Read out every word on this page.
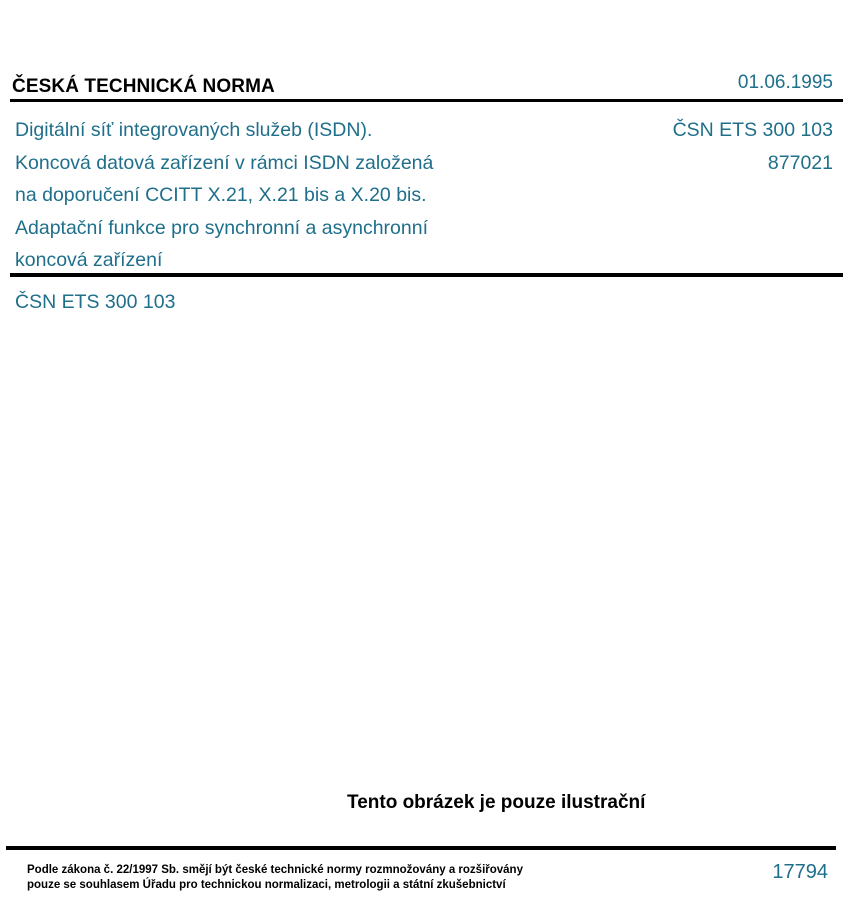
ČESKÁ TECHNICKÁ NORMA	01.06.1995
Digitální síť integrovaných služeb (ISDN).
Koncová datová zařízení v rámci ISDN založená
na doporučení CCITT X.21, X.21 bis a X.20 bis.
Adaptační funkce pro synchronní a asynchronní
koncová zařízení
ČSN ETS 300 103
877021
ČSN ETS 300 103
Tento obrázek je pouze ilustrační
Podle zákona č. 22/1997 Sb. smějí být české technické normy rozmnožovány a rozšiřovány
pouze se souhlasem Úřadu pro technickou normalizaci, metrologii a státní zkušebnictví
17794
